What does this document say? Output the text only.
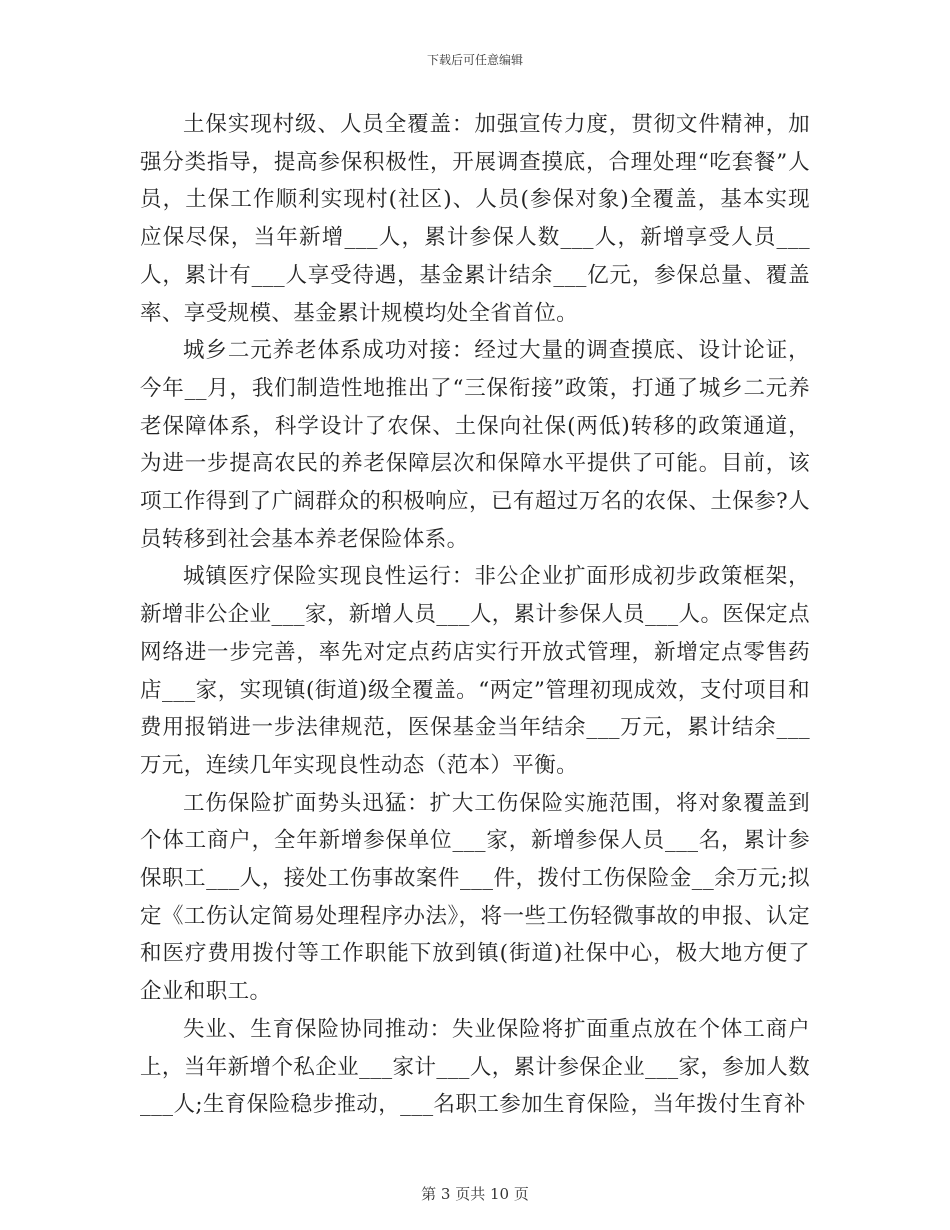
下载后可任意编辑

土保实现村级、人员全覆盖：加强宣传力度，贯彻文件精神，加强分类指导，提高参保积极性，开展调查摸底，合理处理“吃套餐”人员，土保工作顺利实现村(社区)、人员(参保对象)全覆盖，基本实现应保尽保，当年新增___人，累计参保人数___人，新增享受人员___人，累计有___人享受待遇，基金累计结余___亿元，参保总量、覆盖率、享受规模、基金累计规模均处全省首位。

城乡二元养老体系成功对接：经过大量的调查摸底、设计论证，今年__月，我们制造性地推出了“三保衔接”政策，打通了城乡二元养老保障体系，科学设计了农保、土保向社保(两低)转移的政策通道，为进一步提高农民的养老保障层次和保障水平提供了可能。目前，该项工作得到了广阔群众的积极响应，已有超过万名的农保、土保参?人员转移到社会基本养老保险体系。

城镇医疗保险实现良性运行：非公企业扩面形成初步政策框架，新增非公企业___家，新增人员___人，累计参保人员___人。医保定点网络进一步完善，率先对定点药店实行开放式管理，新增定点零售药店___家，实现镇(街道)级全覆盖。“两定”管理初现成效，支付项目和费用报销进一步法律规范，医保基金当年结余___万元，累计结余___万元，连续几年实现良性动态（范本）平衡。

工伤保险扩面势头迅猛：扩大工伤保险实施范围，将对象覆盖到个体工商户，全年新增参保单位___家，新增参保人员___名，累计参保职工___人，接处工伤事故案件___件，拨付工伤保险金__余万元;拟定《工伤认定简易处理程序办法》，将一些工伤轻微事故的申报、认定和医疗费用拨付等工作职能下放到镇(街道)社保中心，极大地方便了企业和职工。

失业、生育保险协同推动：失业保险将扩面重点放在个体工商户上，当年新增个私企业___家计___人，累计参保企业___家，参加人数___人;生育保险稳步推动，___名职工参加生育保险，当年拨付生育补

第 3 页共 10 页
